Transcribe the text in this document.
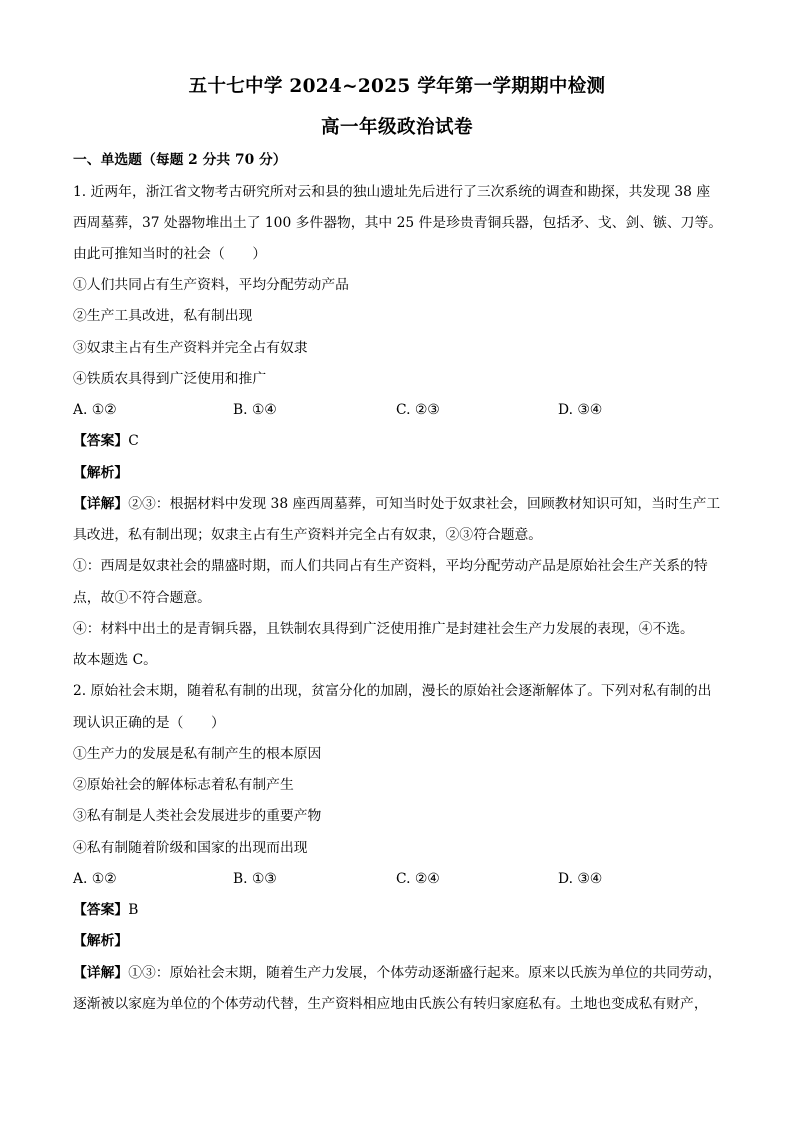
五十七中学 2024~2025 学年第一学期期中检测
高一年级政治试卷
一、单选题（每题 2 分共 70 分）
1. 近两年，浙江省文物考古研究所对云和县的独山遗址先后进行了三次系统的调查和勘探，共发现 38 座
西周墓葬，37 处器物堆出土了 100 多件器物，其中 25 件是珍贵青铜兵器，包括矛、戈、剑、镞、刀等。
由此可推知当时的社会（　　）
①人们共同占有生产资料，平均分配劳动产品
②生产工具改进，私有制出现
③奴隶主占有生产资料并完全占有奴隶
④铁质农具得到广泛使用和推广
A. ①②	B. ①④	C. ②③	D. ③④
【答案】C
【解析】
【详解】②③：根据材料中发现 38 座西周墓葬，可知当时处于奴隶社会，回顾教材知识可知，当时生产工
具改进，私有制出现；奴隶主占有生产资料并完全占有奴隶，②③符合题意。
①：西周是奴隶社会的鼎盛时期，而人们共同占有生产资料，平均分配劳动产品是原始社会生产关系的特
点，故①不符合题意。
④：材料中出土的是青铜兵器，且铁制农具得到广泛使用推广是封建社会生产力发展的表现，④不选。
故本题选 C。
2. 原始社会末期，随着私有制的出现，贫富分化的加剧，漫长的原始社会逐渐解体了。下列对私有制的出
现认识正确的是（　　）
①生产力的发展是私有制产生的根本原因
②原始社会的解体标志着私有制产生
③私有制是人类社会发展进步的重要产物
④私有制随着阶级和国家的出现而出现
A. ①②	B. ①③	C. ②④	D. ③④
【答案】B
【解析】
【详解】①③：原始社会末期，随着生产力发展，个体劳动逐渐盛行起来。原来以氏族为单位的共同劳动，
逐渐被以家庭为单位的个体劳动代替，生产资料相应地由氏族公有转归家庭私有。土地也变成私有财产，
